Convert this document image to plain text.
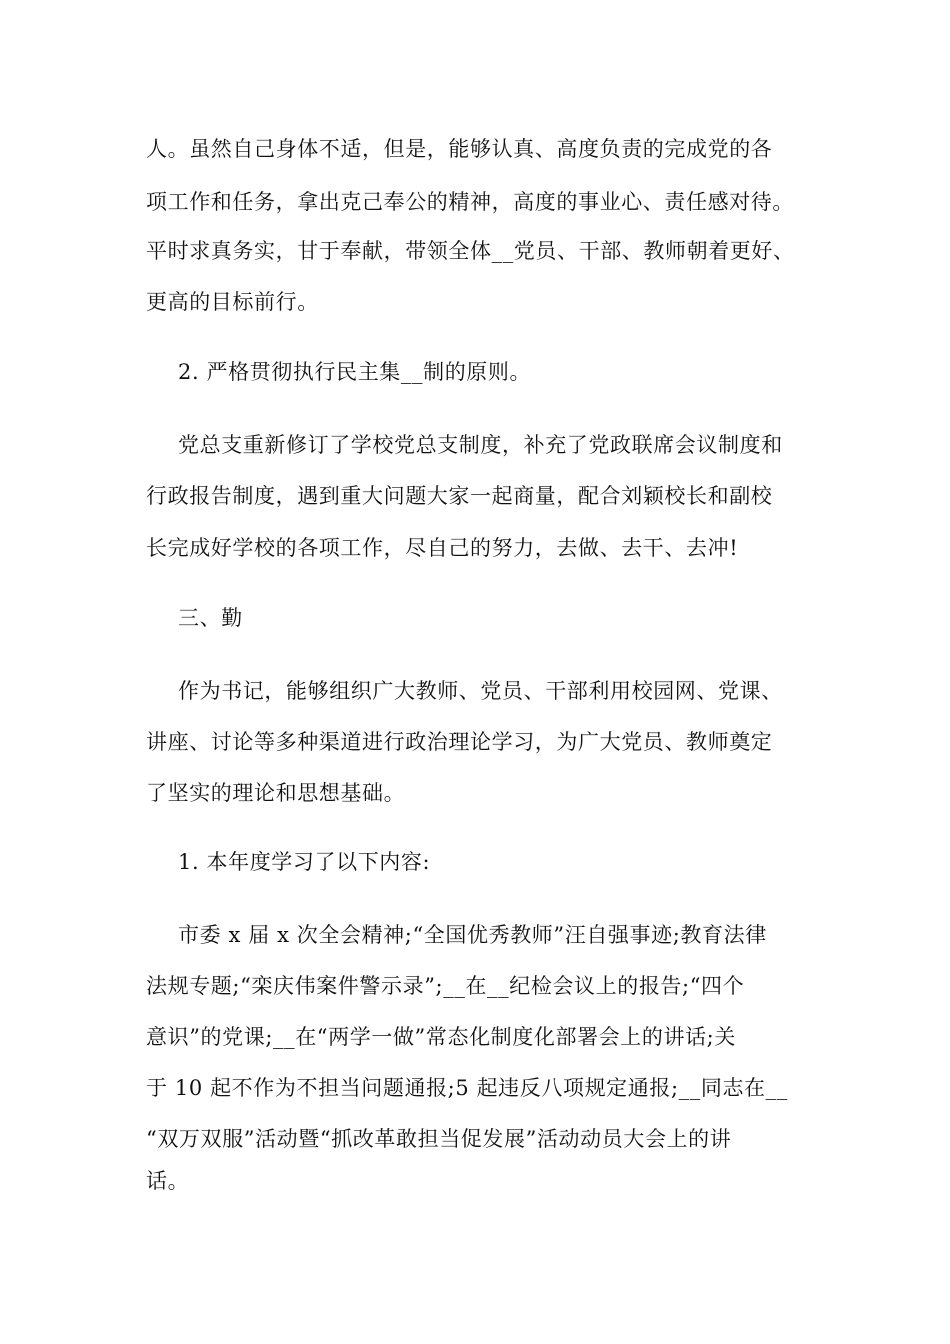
人。虽然自己身体不适，但是，能够认真、高度负责的完成党的各
项工作和任务，拿出克己奉公的精神，高度的事业心、责任感对待。
平时求真务实，甘于奉献，带领全体__党员、干部、教师朝着更好、
更高的目标前行。
2. 严格贯彻执行民主集__制的原则。
党总支重新修订了学校党总支制度，补充了党政联席会议制度和
行政报告制度，遇到重大问题大家一起商量，配合刘颖校长和副校
长完成好学校的各项工作，尽自己的努力，去做、去干、去冲!
三、勤
作为书记，能够组织广大教师、党员、干部利用校园网、党课、
讲座、讨论等多种渠道进行政治理论学习，为广大党员、教师奠定
了坚实的理论和思想基础。
1. 本年度学习了以下内容:
市委 x 届 x 次全会精神;“全国优秀教师”汪自强事迹;教育法律
法规专题;“栾庆伟案件警示录”;__在__纪检会议上的报告;“四个
意识”的党课;__在“两学一做”常态化制度化部署会上的讲话;关
于 10 起不作为不担当问题通报;5 起违反八项规定通报;__同志在__
“双万双服”活动暨“抓改革敢担当促发展”活动动员大会上的讲
话。
